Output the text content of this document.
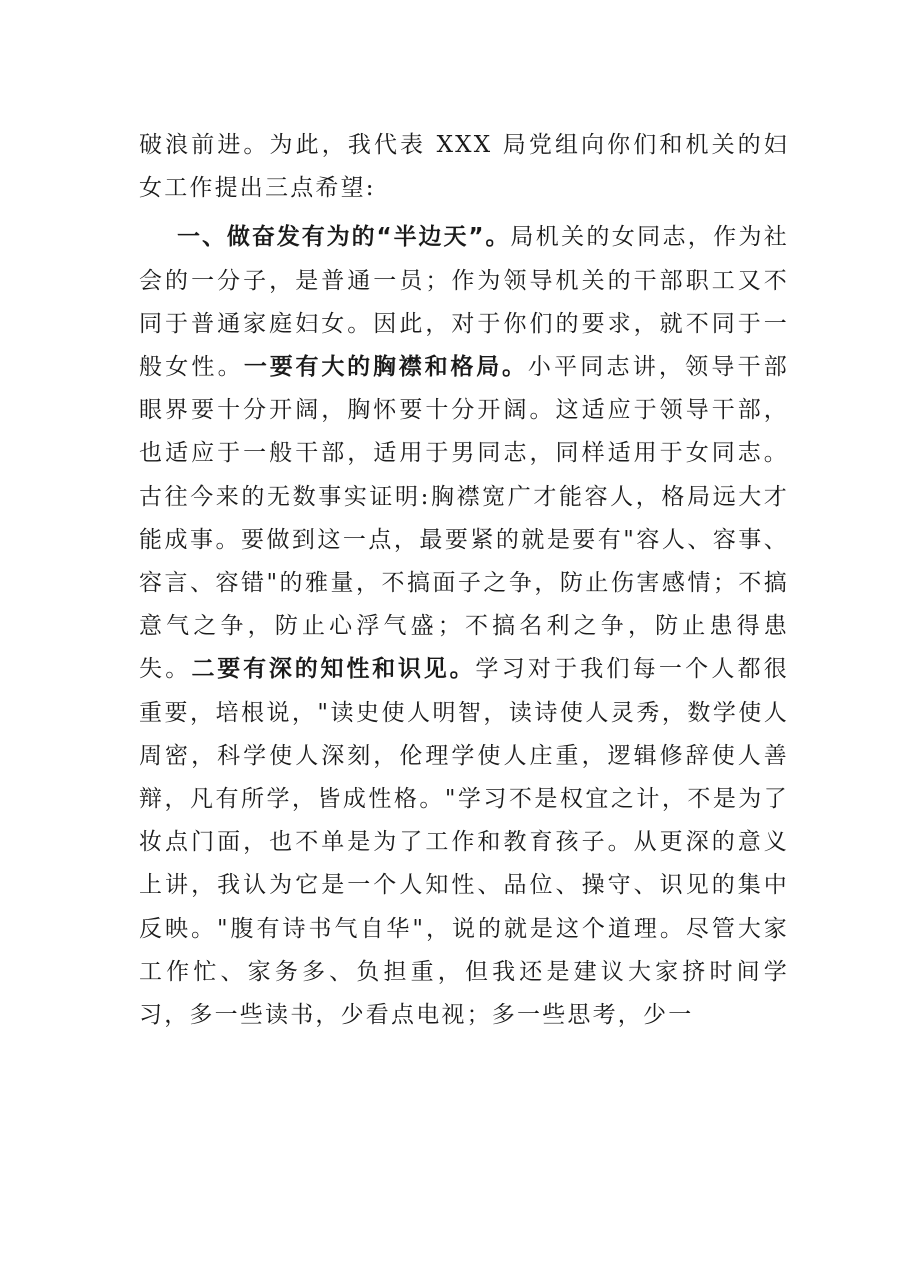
破浪前进。为此，我代表 XXX 局党组向你们和机关的妇女工作提出三点希望:

一、做奋发有为的“半边天”。局机关的女同志，作为社会的一分子，是普通一员；作为领导机关的干部职工又不同于普通家庭妇女。因此，对于你们的要求，就不同于一般女性。一要有大的胸襟和格局。小平同志讲，领导干部眼界要十分开阔，胸怀要十分开阔。这适应于领导干部，也适应于一般干部，适用于男同志，同样适用于女同志。古往今来的无数事实证明:胸襟宽广才能容人，格局远大才能成事。要做到这一点，最要紧的就是要有"容人、容事、容言、容错"的雅量，不搞面子之争，防止伤害感情；不搞意气之争，防止心浮气盛；不搞名利之争，防止患得患失。二要有深的知性和识见。学习对于我们每一个人都很重要，培根说，"读史使人明智，读诗使人灵秀，数学使人周密，科学使人深刻，伦理学使人庄重，逻辑修辞使人善辩，凡有所学，皆成性格。"学习不是权宜之计，不是为了妆点门面，也不单是为了工作和教育孩子。从更深的意义上讲，我认为它是一个人知性、品位、操守、识见的集中反映。"腹有诗书气自华"，说的就是这个道理。尽管大家工作忙、家务多、负担重，但我还是建议大家挤时间学习，多一些读书，少看点电视；多一些思考，少一
